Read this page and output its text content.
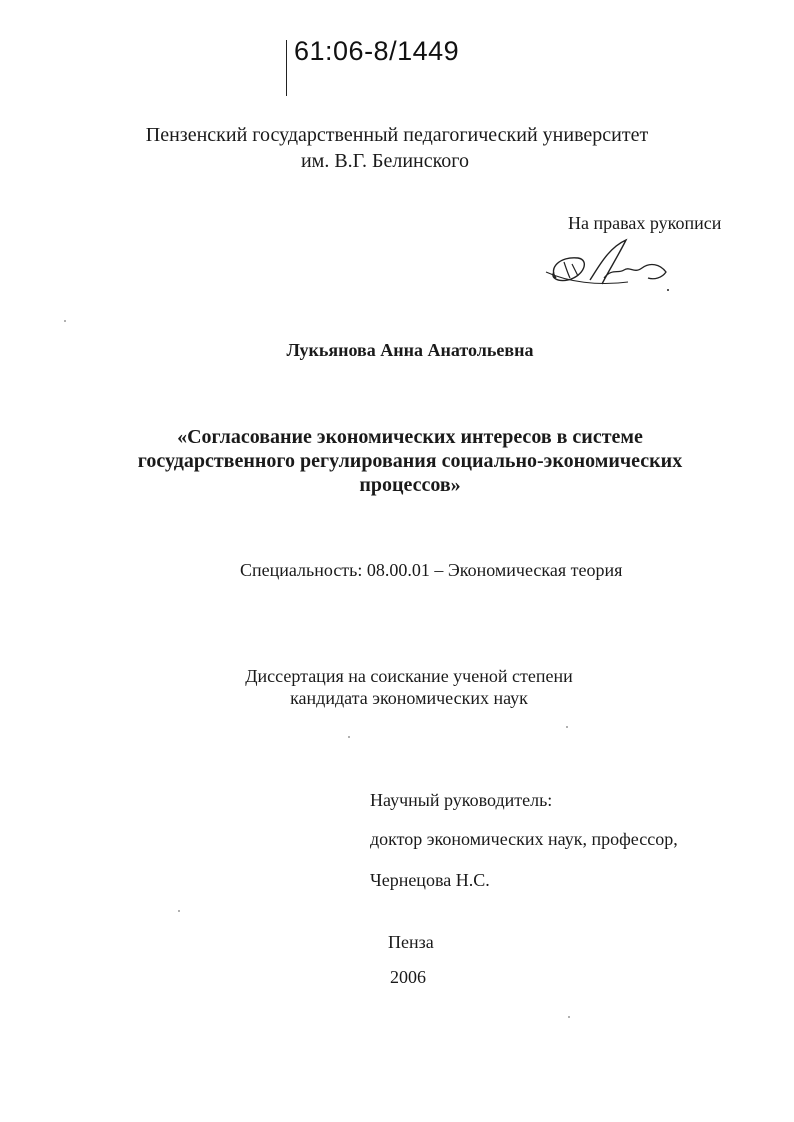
61:06-8/1449
Пензенский государственный педагогический университет
им. В.Г. Белинского
На правах рукописи
Лукьянова Анна Анатольевна
«Согласование экономических интересов в системе
государственного регулирования социально-экономических
процессов»
Специальность: 08.00.01 – Экономическая теория
Диссертация на соискание ученой степени
кандидата экономических наук
Научный руководитель:
доктор экономических наук, профессор,
Чернецова Н.С.
Пенза
2006
